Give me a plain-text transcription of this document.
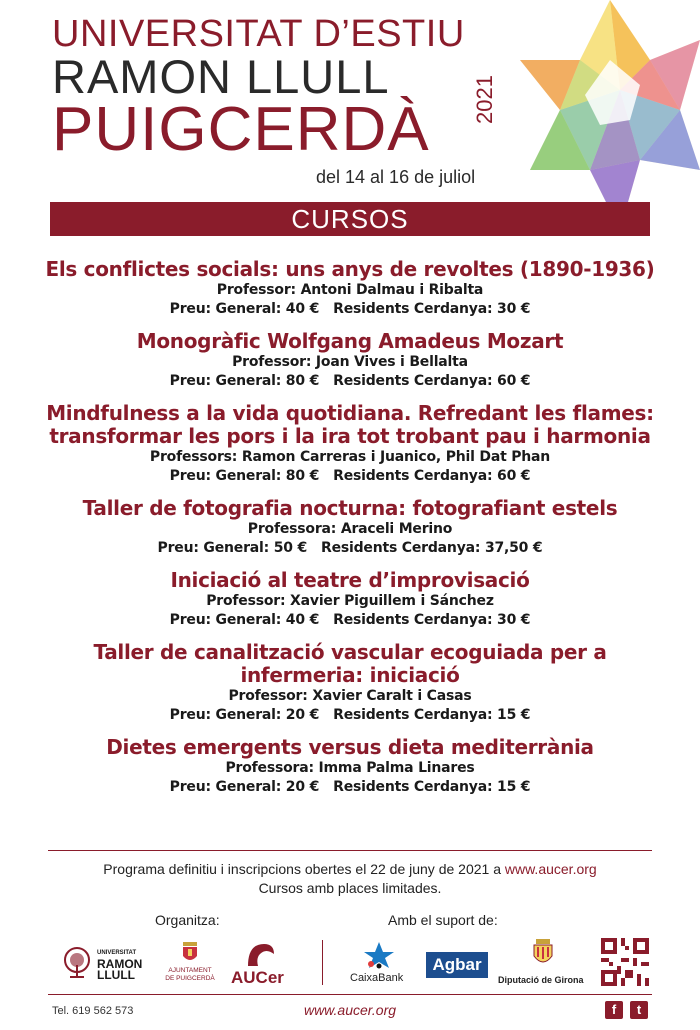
UNIVERSITAT D’ESTIU
RAMON LLULL
PUIGCERDÀ	2021
del 14 al 16 de juliol
CURSOS
Els conflictes socials: uns anys de revoltes (1890-1936)
Professor: Antoni Dalmau i Ribalta
Preu: General: 40 € Residents Cerdanya: 30 €
Monogràfic Wolfgang Amadeus Mozart
Professor: Joan Vives i Bellalta
Preu: General: 80 € Residents Cerdanya: 60 €
Mindfulness a la vida quotidiana. Refredant les flames:
transformar les pors i la ira tot trobant pau i harmonia
Professors: Ramon Carreras i Juanico, Phil Dat Phan
Preu: General: 80 € Residents Cerdanya: 60 €
Taller de fotografia nocturna: fotografiant estels
Professora: Araceli Merino
Preu: General: 50 € Residents Cerdanya: 37,50 €
Iniciació al teatre d’improvisació
Professor: Xavier Piguillem i Sánchez
Preu: General: 40 € Residents Cerdanya: 30 €
Taller de canalització vascular ecoguiada per a
infermeria: iniciació
Professor: Xavier Caralt i Casas
Preu: General: 20 € Residents Cerdanya: 15 €
Dietes emergents versus dieta mediterrània
Professora: Imma Palma Linares
Preu: General: 20 € Residents Cerdanya: 15 €
Programa definitiu i inscripcions obertes el 22 de juny de 2021 a www.aucer.org
Cursos amb places limitades.
Organitza:	Amb el suport de:
UNIVERSITAT
RAMON
LLULL	AJUNTAMENT
DE PUIGCERDÀ AUCer	CaixaBank
Agbar
Diputació de Girona
Tel. 619 562 573	www.aucer.org	f	t
